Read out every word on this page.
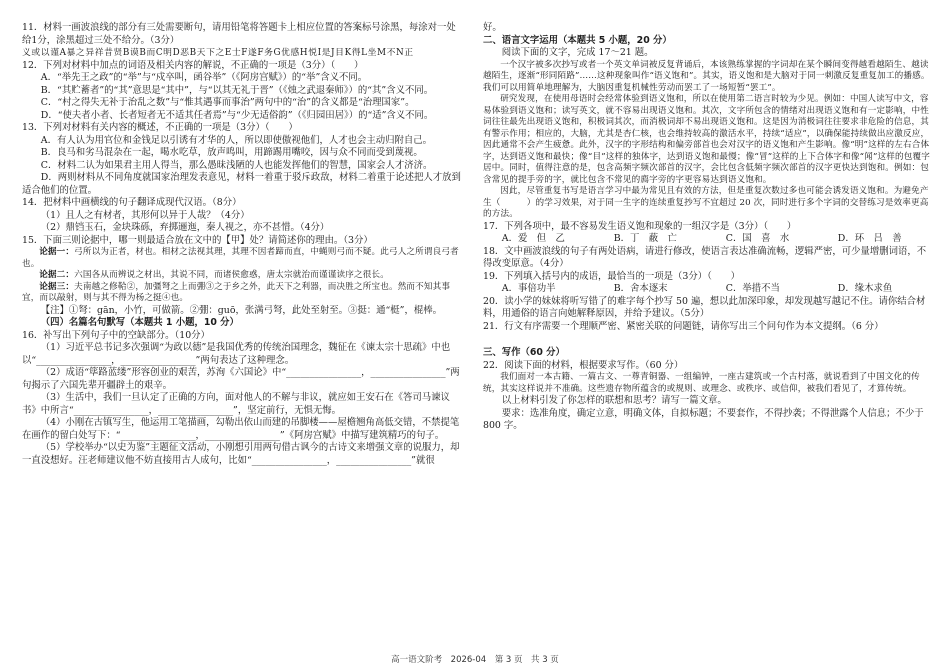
11．材料一画波浪线的部分有三处需要断句，请用铅笔将答题卡上相应位置的答案标号涂黑，每涂对一处给1分，涂黑超过三处不给分。（3分）

义或以谨A暴之异祥昔贤B谟B而C明D恶B天下之E士F遂F务G优感H悦I是J目K得L坐M不N正

12．下列对材料中加点的词语及相关内容的解说，不正确的一项是（3分）（　　）

A．“举先王之政”的“举”与“戍卒叫，函谷举”（《阿房宫赋》）的“举”含义不同。

B．“其贮蓄者”的“其”意思是“其中”，与“以其无礼于晋”（《烛之武退秦师》）的“其”含义不同。

C．“村之得失无补于治乱之数”与“惟其遇事而事治”两句中的“治”的含义都是“治理国家”。

D．“使夫者小者、长者短者无不适其任者焉”与“少无适俗韵”（《归园田居》）的“适”含义不同。

13．下列对材料有关内容的概述，不正确的一项是（3分）（　　）

A．有人认为用官位和金钱足以引诱有才华的人，所以即使傲视他们，人才也会主动归附自己。

B．良马和劣马混杂在一起，喝水吃草，放声鸣叫，用蹄踢用嘴咬，因与众不同而受到蔑视。

C．材料二认为如果君主用人得当，那么愚昧浅陋的人也能发挥他们的智慧，国家会人才济济。

D．两则材料从不同角度就国家治理发表意见，材料一着重于驳斥政敌，材料二着重于论述把人才放到适合他们的位置。

14．把材料中画横线的句子翻译成现代汉语。（8分）

（1）且人之有材者，其形何以异于人哉？（4分）

（2）鼎铛玉石，金块珠砾，弃掷逦迤，秦人视之，亦不甚惜。（4分）

15．下面三则论据中，哪一则最适合放在文中的【甲】处？请简述你的理由。（3分）

论据一：弓所以为正者，材也。相材之法视其理，其理不因者蹄而直，中蝇则弓而不疑。此弓人之所谓良弓者也。

论据二：六国各从而辨说之材出，其说不同，而诸侯愈惑，唐太宗就治而谨谨读序之很长。

论据三：夫南越之修鞈②，加彊弩之上而弸③之于乡之外，此天下之利器，而决胜之所宝也。然而不知其事宜，而以敲射，则与其不得为杨之挺④也。

【注】①弩：gān，小竹，可做箭。②弸：guō，张满弓弩，此处至射至。③挺：通“梃”，棍棒。

（四）名篇名句默写（本题共 1 小题，10 分）

16．补写出下列句子中的空缺部分。（10分）

（1）习近平总书记多次强调“为政以德”是我国优秀的传统治国理念，魏征在《谏太宗十思疏》中也以“________________，________________”两句表达了这种理念。

（2）成语“筚路蓝缕”形容创业的艰苦，苏洵《六国论》中“________________，________________”两句揭示了六国先辈开疆辟土的艰辛。

（3）生活中，我们一旦认定了正确的方向，面对他人的不解与非议，就应如王安石在《答司马谏议书》中所言“________________，________________”，坚定前行，无惧无悔。

（4）小刚在古镇写生，他运用工笔描画，勾勒出依山而建的吊脚楼——屋檐翘角高低交错，不禁提笔在画作的留白处写下：“________________，________________”《阿房宫赋》中描写建筑精巧的句子。

（5）学校举办“以史为鉴”主题征文活动，小刚想引用两句借古讽今的古诗文来增强文章的说服力，却一直没想好。汪老师建议他不妨直接用古人成句，比如“________________，________________”就很

好。

二、语言文字运用（本题共 5 小题，20 分）

阅读下面的文字，完成 17～21 题。

一个汉字被多次抄写或者一个英文单词被反复背诵后，本该熟练掌握的字词却在某个瞬间变得越看越陌生、越读越陌生，逐渐“形同陌路”……这种现象叫作“语义饱和”。其实，语义饱和是大脑对于同一刺激反复重复加工的播感。我们可以用简单地理解为，大脑因重复机械性劳动而罢工了一场短暂“罢工”。

研究发现，在使用母语时会经常体验到语义饱和，所以在使用第二语言时较为少见。例如：中国人读写中文，容易体验到语义饱和；读写英文，就不容易出现语义饱和。其次，文字所包含的情绪对出现语义饱和有一定影响，中性词往往最先出现语义饱和，积极词其次，而消极词却不易出现语义饱和。这是因为消极词往往要求非危险的信息，其有警示作用；相应的，大脑，尤其是杏仁核，也会维持较高的激活水平，持续“适应”，以确保能持续做出应激反应，因此通常不会产生疲惫。此外，汉字的字形结构和偏旁部首也会对汉字的语义饱和产生影响。像“明”这样的左右合体字，达到语义饱和最快；像“目”这样的独体字，达到语义饱和最慢；像“冒”这样的上下合体字和像“闻”这样的包覆字居中。同时，值得注意的是，包含高频字频次部首的汉字，会比包含低频字频次部首的汉字更快达到饱和。例如：包含常见的提手旁的字，就比包含不常见的廌字旁的字更容易达到语义饱和。

因此，尽管重复书写是语言学习中最为常见且有效的方法，但是重复次数过多也可能会诱发语义饱和。为避免产生（　　　）的学习效果，对于同一生字的连续重复抄写不宜超过 20 次，同时进行多个字词的交替练习是效率更高的方法。

17．下列各项中，最不容易发生语义饱和现象的一组汉字是（3分）（　　）

A．爱　但　乙	B．丁　蔽　亡	C．国　喜　水	D．环　吕　善

18．文中画波浪线的句子有两处语病，请进行修改，使语言表达准确流畅，逻辑严密，可少量增删词语，不得改变原意。（4分）

19．下列填入括号内的成语，最恰当的一项是（3分）（　　）

A．事倍功半	B．舍本逐末	C．举措不当	D．缘木求鱼

20．读小学的妹妹将听写错了的难字每个抄写 50 遍，想以此加深印象，却发现越写越记不住。请你结合材料，用通俗的语言向她解释原因，并给予建议。（5分）

21．行文有序需要一个理顺严密、紧密关联的问题链，请你写出三个问句作为本文提纲。（6 分）

三、写作（60 分）

22．阅读下面的材料，根据要求写作。（60 分）

我们面对一本古籍、一篇古文、一尊青铜器、一组编钟，一座古建筑或一个古村落，就说看到了中国文化的传统，其实这样说并不准确。这些遗存物所蕴含的或规则、或理念、或秩序、或信仰，被我们看见了，才算传统。

以上材料引发了你怎样的联想和思考？请写一篇文章。

要求：选准角度，确定立意，明确文体，自拟标题；不要套作，不得抄袭；不得泄露个人信息；不少于 800 字。

高一语文阶考　2026-04　第 3 页　共 3 页
